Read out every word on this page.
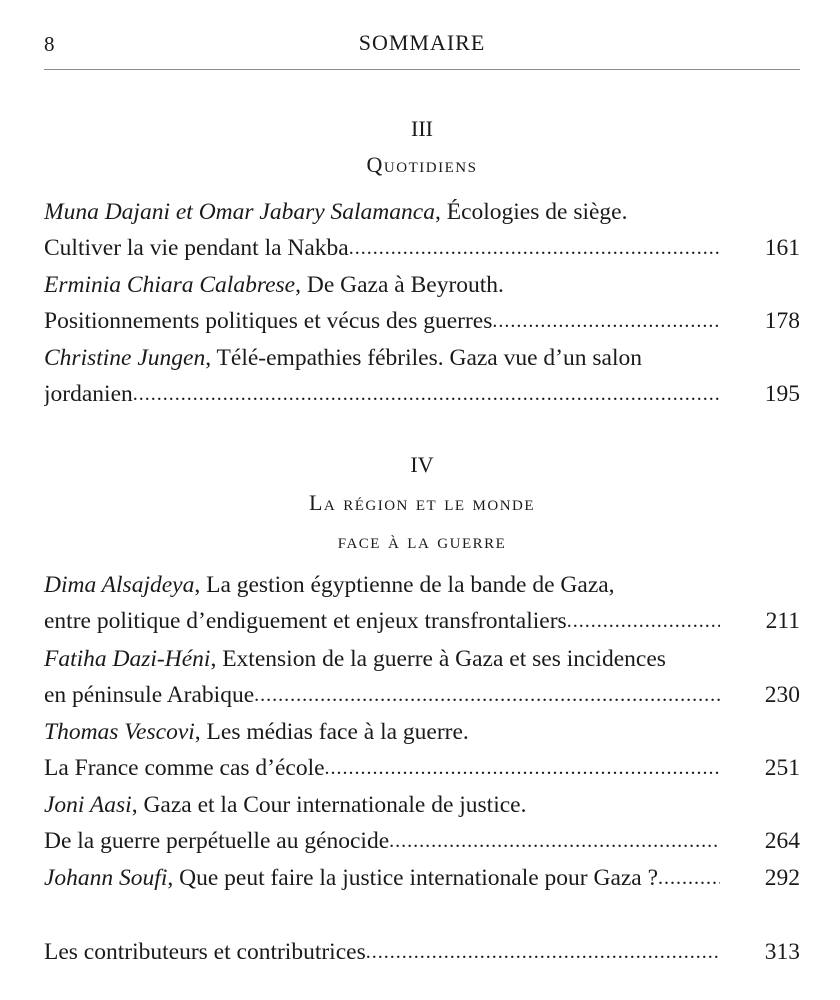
8	SOMMAIRE
III
Quotidiens
Muna Dajani et Omar Jabary Salamanca, Écologies de siège.
Cultiver la vie pendant la Nakba .....	161
Erminia Chiara Calabrese, De Gaza à Beyrouth.
Positionnements politiques et vécus des guerres .....	178
Christine Jungen, Télé-empathies fébriles. Gaza vue d’un salon
jordanien .....	195
IV
La région et le monde
face à la guerre
Dima Alsajdeya, La gestion égyptienne de la bande de Gaza,
entre politique d’endiguement et enjeux transfrontaliers .....	211
Fatiha Dazi-Héni, Extension de la guerre à Gaza et ses incidences
en péninsule Arabique .....	230
Thomas Vescovi, Les médias face à la guerre.
La France comme cas d’école .....	251
Joni Aasi, Gaza et la Cour internationale de justice.
De la guerre perpétuelle au génocide .....	264
Johann Soufi, Que peut faire la justice internationale pour Gaza ? .....	292
Les contributeurs et contributrices .....	313
